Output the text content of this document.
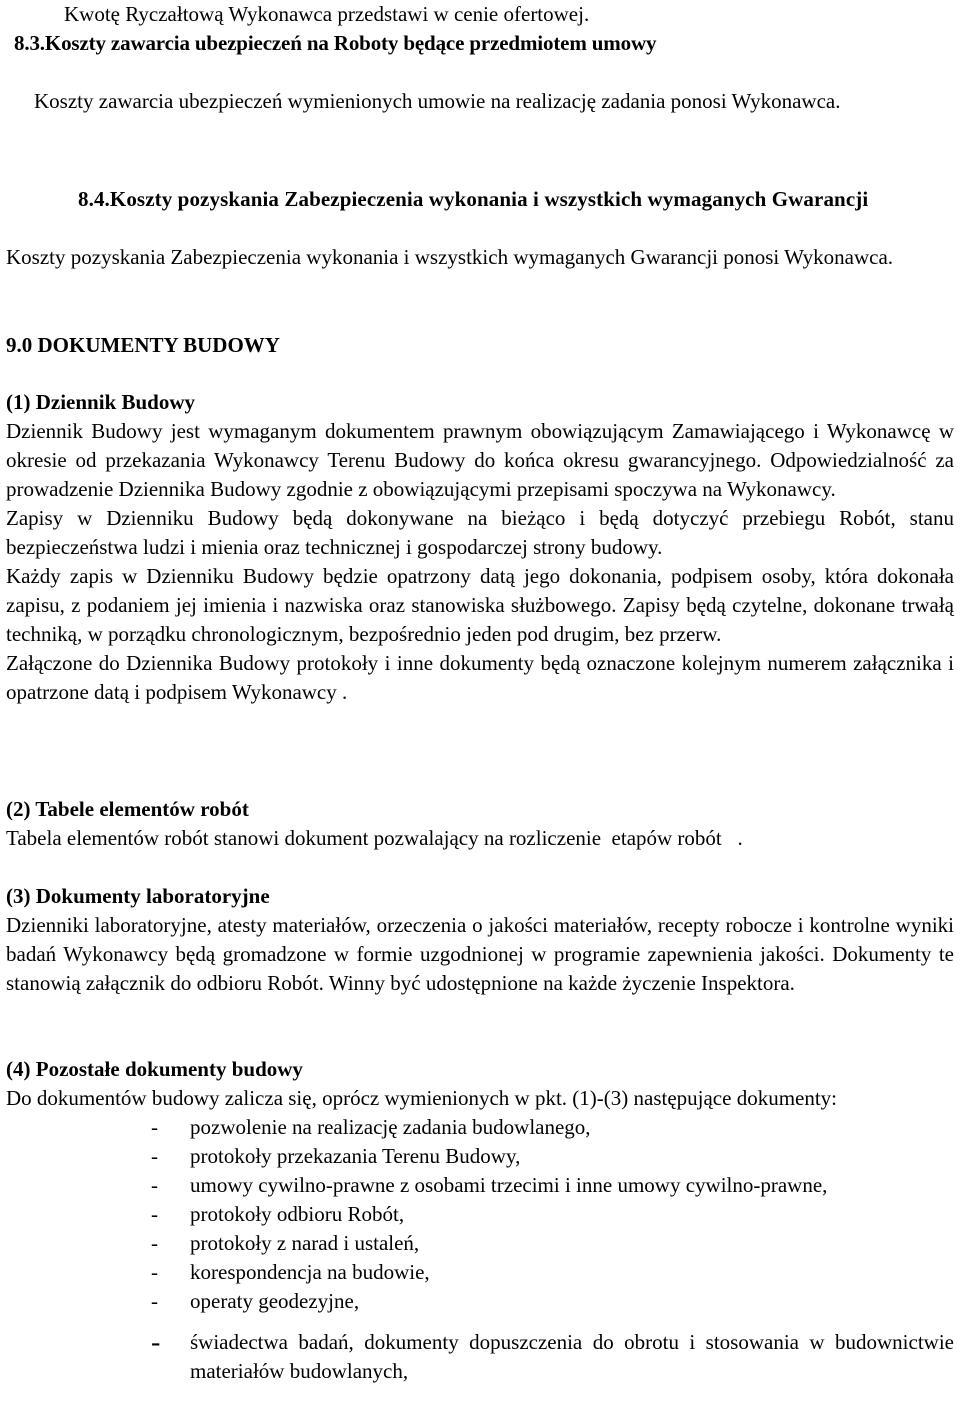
Kwotę Ryczałtową Wykonawca przedstawi w cenie ofertowej.

8.3.Koszty zawarcia ubezpieczeń na Roboty będące przedmiotem umowy

Koszty zawarcia ubezpieczeń wymienionych umowie na realizację zadania ponosi Wykonawca.

8.4.Koszty pozyskania Zabezpieczenia wykonania i wszystkich wymaganych Gwarancji

Koszty pozyskania Zabezpieczenia wykonania i wszystkich wymaganych Gwarancji ponosi Wykonawca.

9.0 DOKUMENTY BUDOWY

(1) Dziennik Budowy

Dziennik Budowy jest wymaganym dokumentem prawnym obowiązującym Zamawiającego i Wykonawcę w okresie od przekazania Wykonawcy Terenu Budowy do końca okresu gwarancyjnego. Odpowiedzialność za prowadzenie Dziennika Budowy zgodnie z obowiązującymi przepisami spoczywa na Wykonawcy.

Zapisy w Dzienniku Budowy będą dokonywane na bieżąco i będą dotyczyć przebiegu Robót, stanu bezpieczeństwa ludzi i mienia oraz technicznej i gospodarczej strony budowy.

Każdy zapis w Dzienniku Budowy będzie opatrzony datą jego dokonania, podpisem osoby, która dokonała zapisu, z podaniem jej imienia i nazwiska oraz stanowiska służbowego. Zapisy będą czytelne, dokonane trwałą techniką, w porządku chronologicznym, bezpośrednio jeden pod drugim, bez przerw.

Załączone do Dziennika Budowy protokoły i inne dokumenty będą oznaczone kolejnym numerem załącznika i opatrzone datą i podpisem Wykonawcy .

(2) Tabele elementów robót

Tabela elementów robót stanowi dokument pozwalający na rozliczenie  etapów robót   .

(3) Dokumenty laboratoryjne

Dzienniki laboratoryjne, atesty materiałów, orzeczenia o jakości materiałów, recepty robocze i kontrolne wyniki badań Wykonawcy będą gromadzone w formie uzgodnionej w programie zapewnienia jakości. Dokumenty te stanowią załącznik do odbioru Robót. Winny być udostępnione na każde życzenie Inspektora.

(4) Pozostałe dokumenty budowy

Do dokumentów budowy zalicza się, oprócz wymienionych w pkt. (1)-(3) następujące dokumenty:

-	pozwolenie na realizację zadania budowlanego,
-	protokoły przekazania Terenu Budowy,
-	umowy cywilno-prawne z osobami trzecimi i inne umowy cywilno-prawne,
-	protokoły odbioru Robót,
-	protokoły z narad i ustaleń,
-	korespondencja na budowie,
-	operaty geodezyjne,
-	świadectwa badań, dokumenty dopuszczenia do obrotu i stosowania w budownictwie materiałów budowlanych,
